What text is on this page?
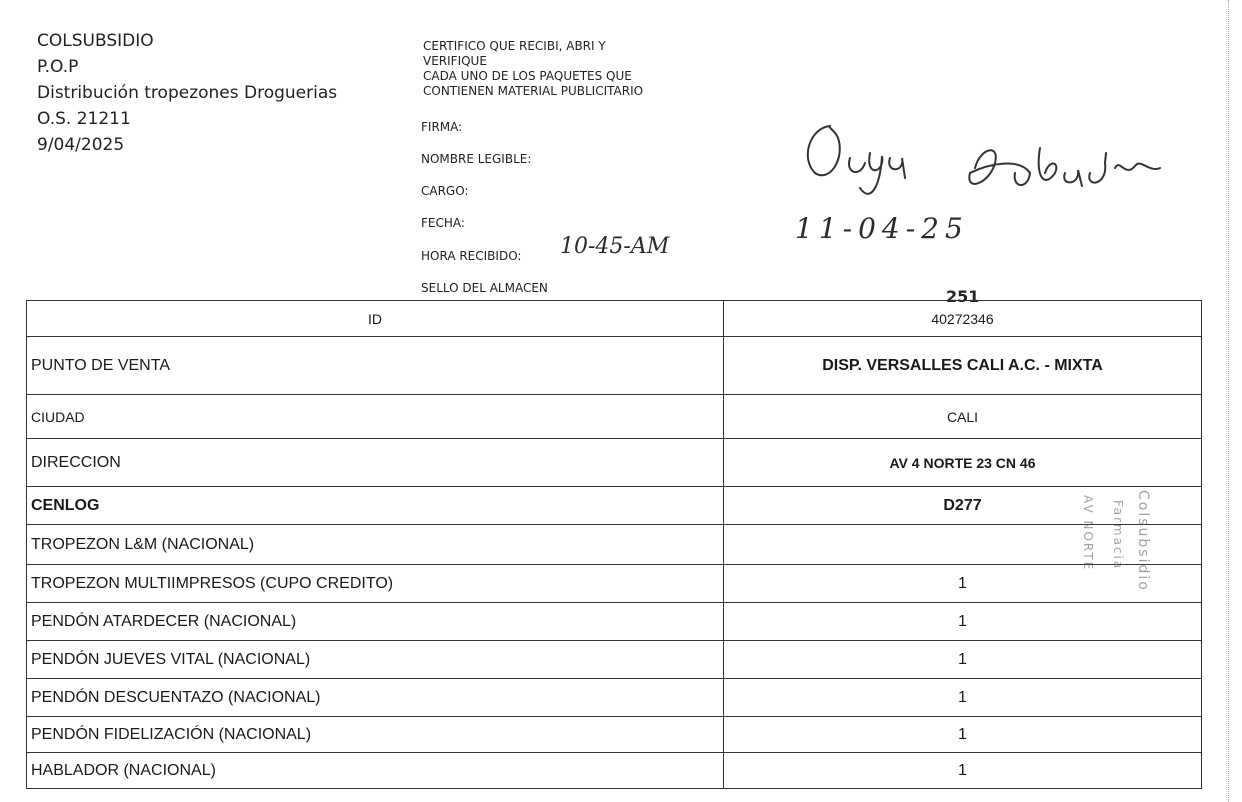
COLSUBSIDIO
P.O.P
Distribución tropezones Droguerias
O.S. 21211
9/04/2025
CERTIFICO QUE RECIBI, ABRI Y
VERIFIQUE
CADA UNO DE LOS PAQUETES QUE
CONTIENEN MATERIAL PUBLICITARIO
FIRMA:
NOMBRE LEGIBLE:
CARGO:
FECHA:
HORA RECIBIDO:
SELLO DEL ALMACEN
10-45-AM
11-04-25
251
ID	40272346
PUNTO DE VENTA	DISP. VERSALLES CALI A.C. - MIXTA
CIUDAD	CALI
DIRECCION	AV 4 NORTE 23 CN 46
CENLOG	D277
TROPEZON L&M (NACIONAL)	
TROPEZON MULTIIMPRESOS (CUPO CREDITO)	1
PENDÓN ATARDECER (NACIONAL)	1
PENDÓN JUEVES VITAL (NACIONAL)	1
PENDÓN DESCUENTAZO (NACIONAL)	1
PENDÓN FIDELIZACIÓN (NACIONAL)	1
HABLADOR (NACIONAL)	1
Colsubsidio
Farmacia
AV NORTE
